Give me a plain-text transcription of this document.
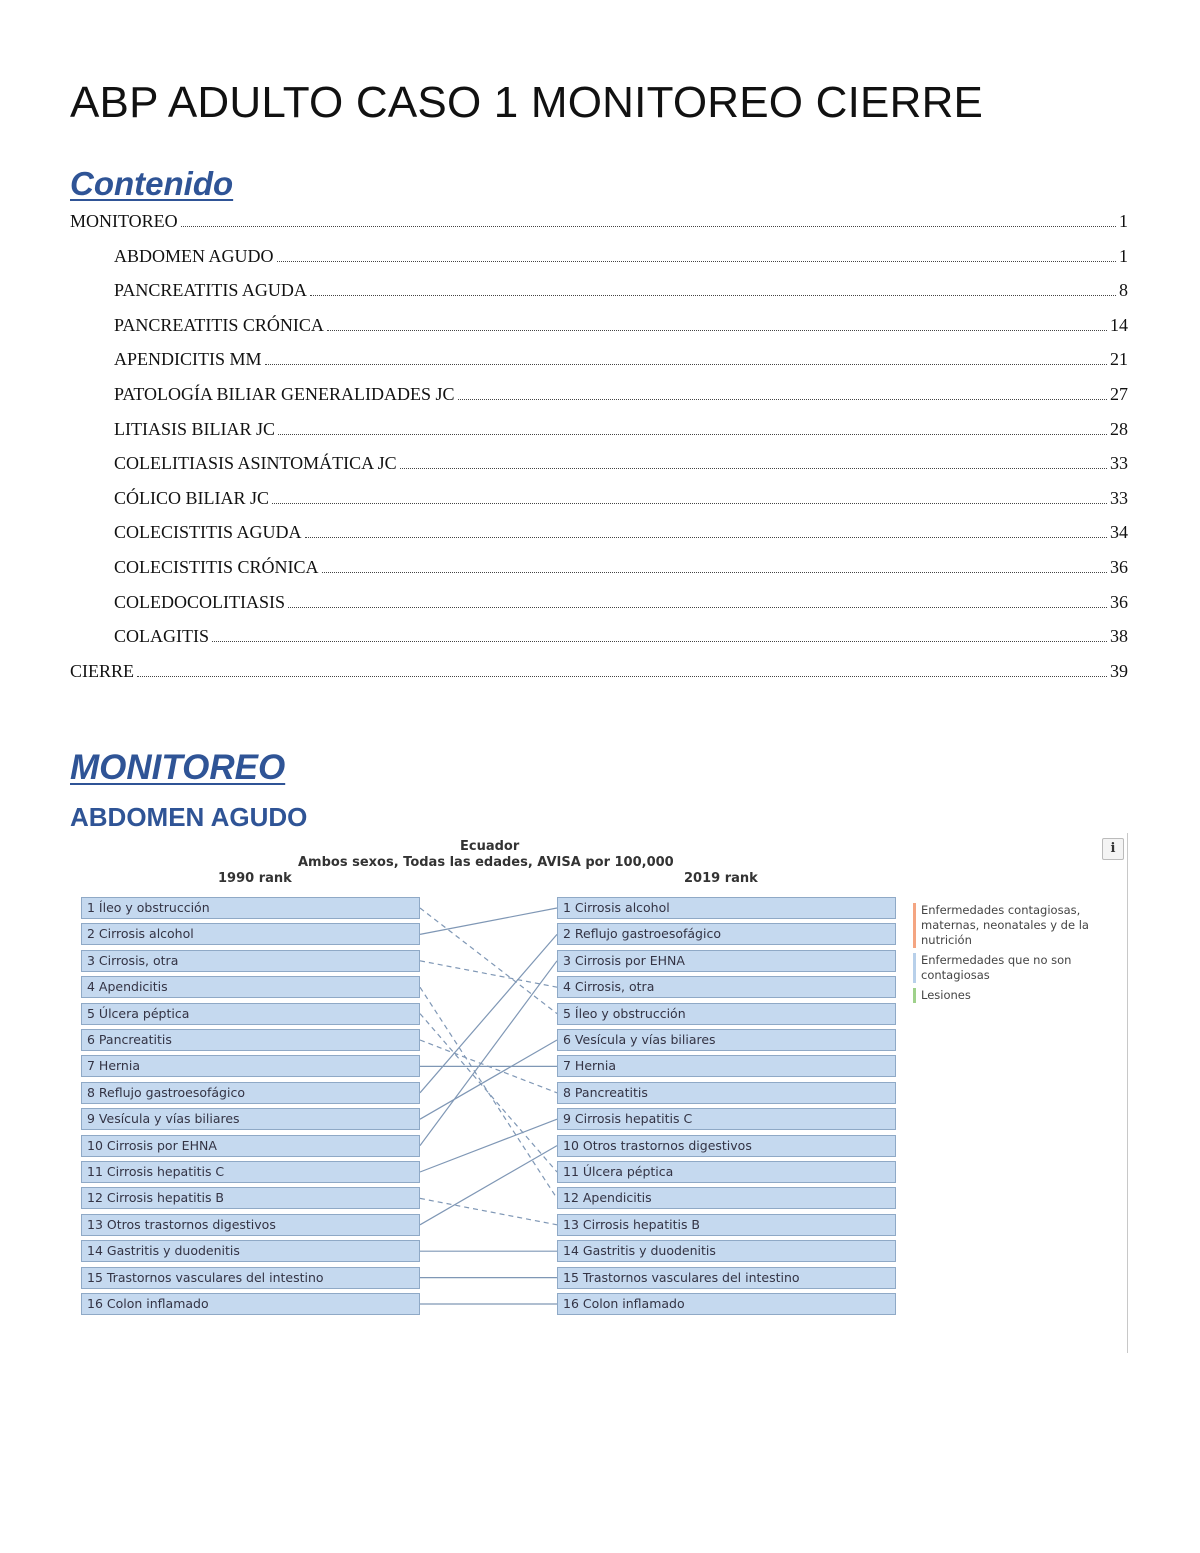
ABP ADULTO CASO 1 MONITOREO CIERRE
Contenido
MONITOREO	1
ABDOMEN AGUDO	1
PANCREATITIS AGUDA	8
PANCREATITIS CRÓNICA	14
APENDICITIS MM	21
PATOLOGÍA BILIAR GENERALIDADES JC	27
LITIASIS BILIAR JC	28
COLELITIASIS ASINTOMÁTICA JC	33
CÓLICO BILIAR JC	33
COLECISTITIS AGUDA	34
COLECISTITIS CRÓNICA	36
COLEDOCOLITIASIS	36
COLAGITIS	38
CIERRE	39
MONITOREO
ABDOMEN AGUDO
Ecuador
Ambos sexos, Todas las edades, AVISA por 100,000
1990 rank	2019 rank
i
1 Íleo y obstrucción
2 Cirrosis alcohol
3 Cirrosis, otra
4 Apendicitis
5 Úlcera péptica
6 Pancreatitis
7 Hernia
8 Reflujo gastroesofágico
9 Vesícula y vías biliares
10 Cirrosis por EHNA
11 Cirrosis hepatitis C
12 Cirrosis hepatitis B
13 Otros trastornos digestivos
14 Gastritis y duodenitis
15 Trastornos vasculares del intestino
16 Colon inflamado
1 Cirrosis alcohol
2 Reflujo gastroesofágico
3 Cirrosis por EHNA
4 Cirrosis, otra
5 Íleo y obstrucción
6 Vesícula y vías biliares
7 Hernia
8 Pancreatitis
9 Cirrosis hepatitis C
10 Otros trastornos digestivos
11 Úlcera péptica
12 Apendicitis
13 Cirrosis hepatitis B
14 Gastritis y duodenitis
15 Trastornos vasculares del intestino
16 Colon inflamado
Enfermedades contagiosas, maternas, neonatales y de la nutrición
Enfermedades que no son contagiosas
Lesiones
